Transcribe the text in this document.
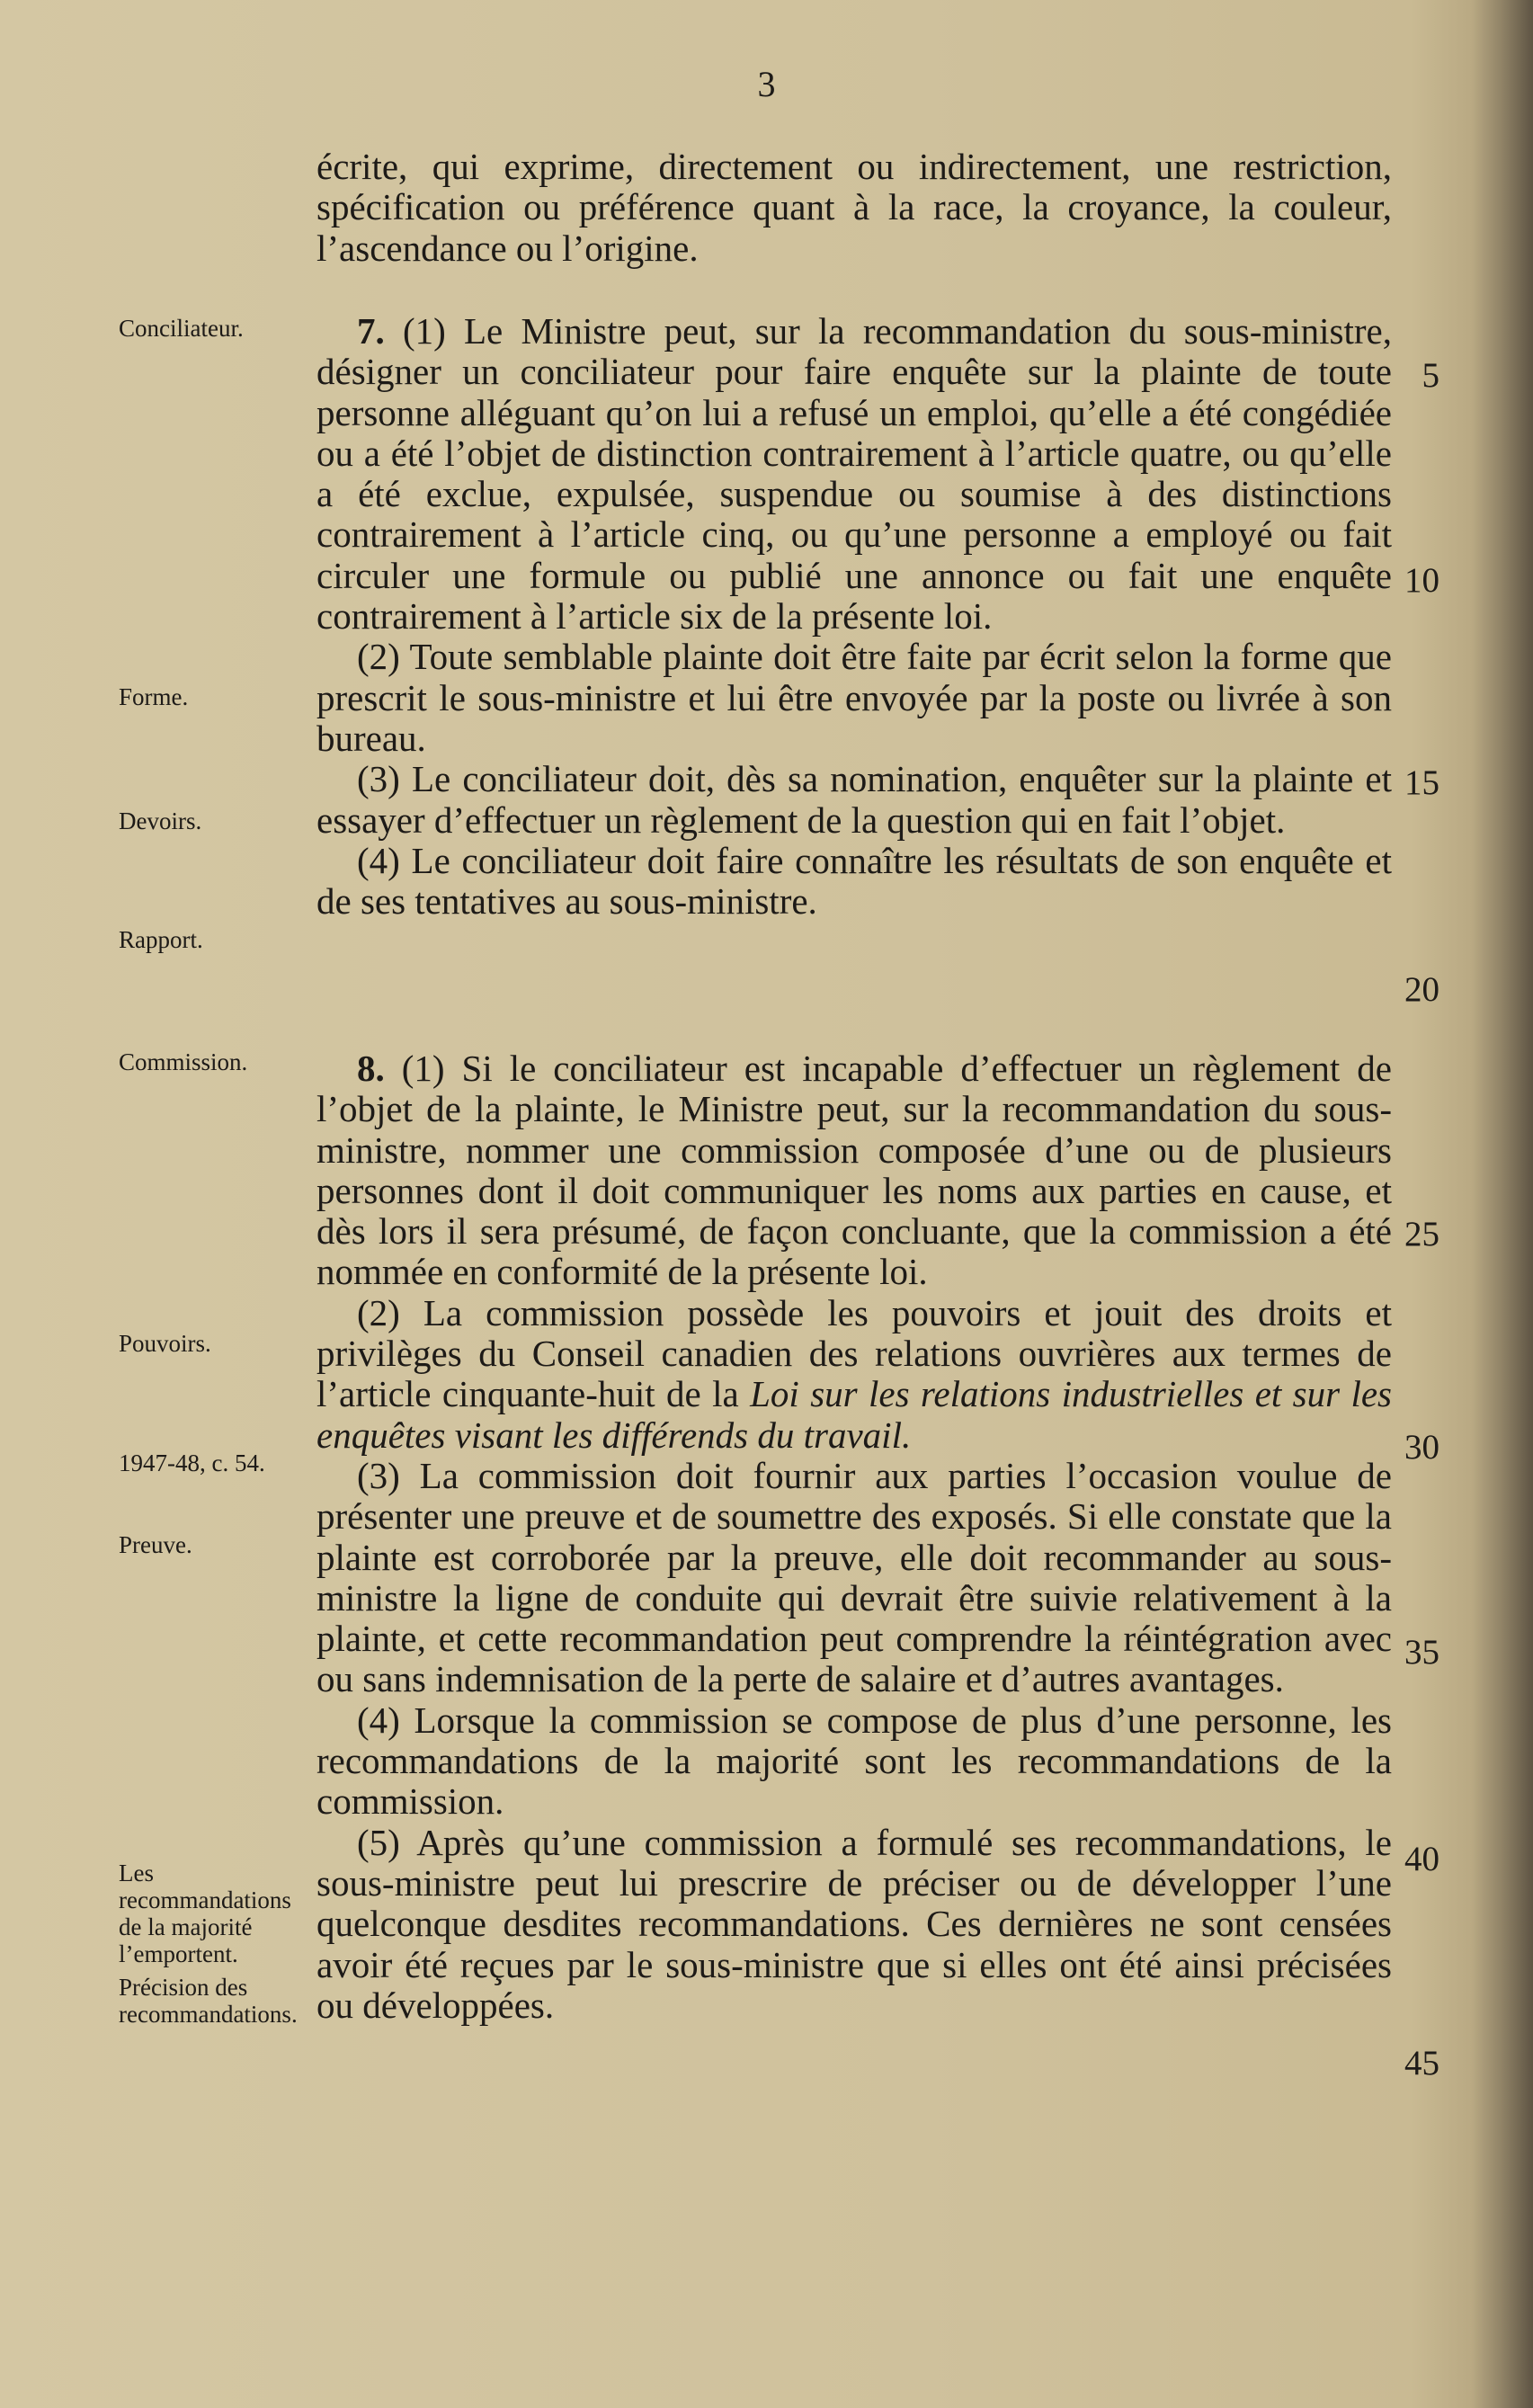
3

écrite, qui exprime, directement ou indirectement, une restriction, spécification ou préférence quant à la race, la croyance, la couleur, l’ascendance ou l’origine.

7. (1) Le Ministre peut, sur la recommandation du sous-ministre, désigner un conciliateur pour faire enquête sur la plainte de toute personne alléguant qu’on lui a refusé un emploi, qu’elle a été congédiée ou a été l’objet de distinction contrairement à l’article quatre, ou qu’elle a été exclue, expulsée, suspendue ou soumise à des distinctions contrairement à l’article cinq, ou qu’une personne a employé ou fait circuler une formule ou publié une annonce ou fait une enquête contrairement à l’article six de la présente loi.

(2) Toute semblable plainte doit être faite par écrit selon la forme que prescrit le sous-ministre et lui être envoyée par la poste ou livrée à son bureau.

(3) Le conciliateur doit, dès sa nomination, enquêter sur la plainte et essayer d’effectuer un règlement de la question qui en fait l’objet.

(4) Le conciliateur doit faire connaître les résultats de son enquête et de ses tentatives au sous-ministre.

8. (1) Si le conciliateur est incapable d’effectuer un règlement de l’objet de la plainte, le Ministre peut, sur la recommandation du sous-ministre, nommer une commission composée d’une ou de plusieurs personnes dont il doit communiquer les noms aux parties en cause, et dès lors il sera présumé, de façon concluante, que la commission a été nommée en conformité de la présente loi.

(2) La commission possède les pouvoirs et jouit des droits et privilèges du Conseil canadien des relations ouvrières aux termes de l’article cinquante-huit de la Loi sur les relations industrielles et sur les enquêtes visant les différends du travail.

(3) La commission doit fournir aux parties l’occasion voulue de présenter une preuve et de soumettre des exposés. Si elle constate que la plainte est corroborée par la preuve, elle doit recommander au sous-ministre la ligne de conduite qui devrait être suivie relativement à la plainte, et cette recommandation peut comprendre la réintégration avec ou sans indemnisation de la perte de salaire et d’autres avantages.

(4) Lorsque la commission se compose de plus d’une personne, les recommandations de la majorité sont les recommandations de la commission.

(5) Après qu’une commission a formulé ses recommandations, le sous-ministre peut lui prescrire de préciser ou de développer l’une quelconque desdites recommandations. Ces dernières ne sont censées avoir été reçues par le sous-ministre que si elles ont été ainsi précisées ou développées.

Conciliateur.
Forme.
Devoirs.
Rapport.
Commission.
Pouvoirs.
1947-48, c. 54.
Preuve.
Les recommandations de la majorité l’emportent.
Précision des recommandations.
5
10
15
20
25
30
35
40
45
